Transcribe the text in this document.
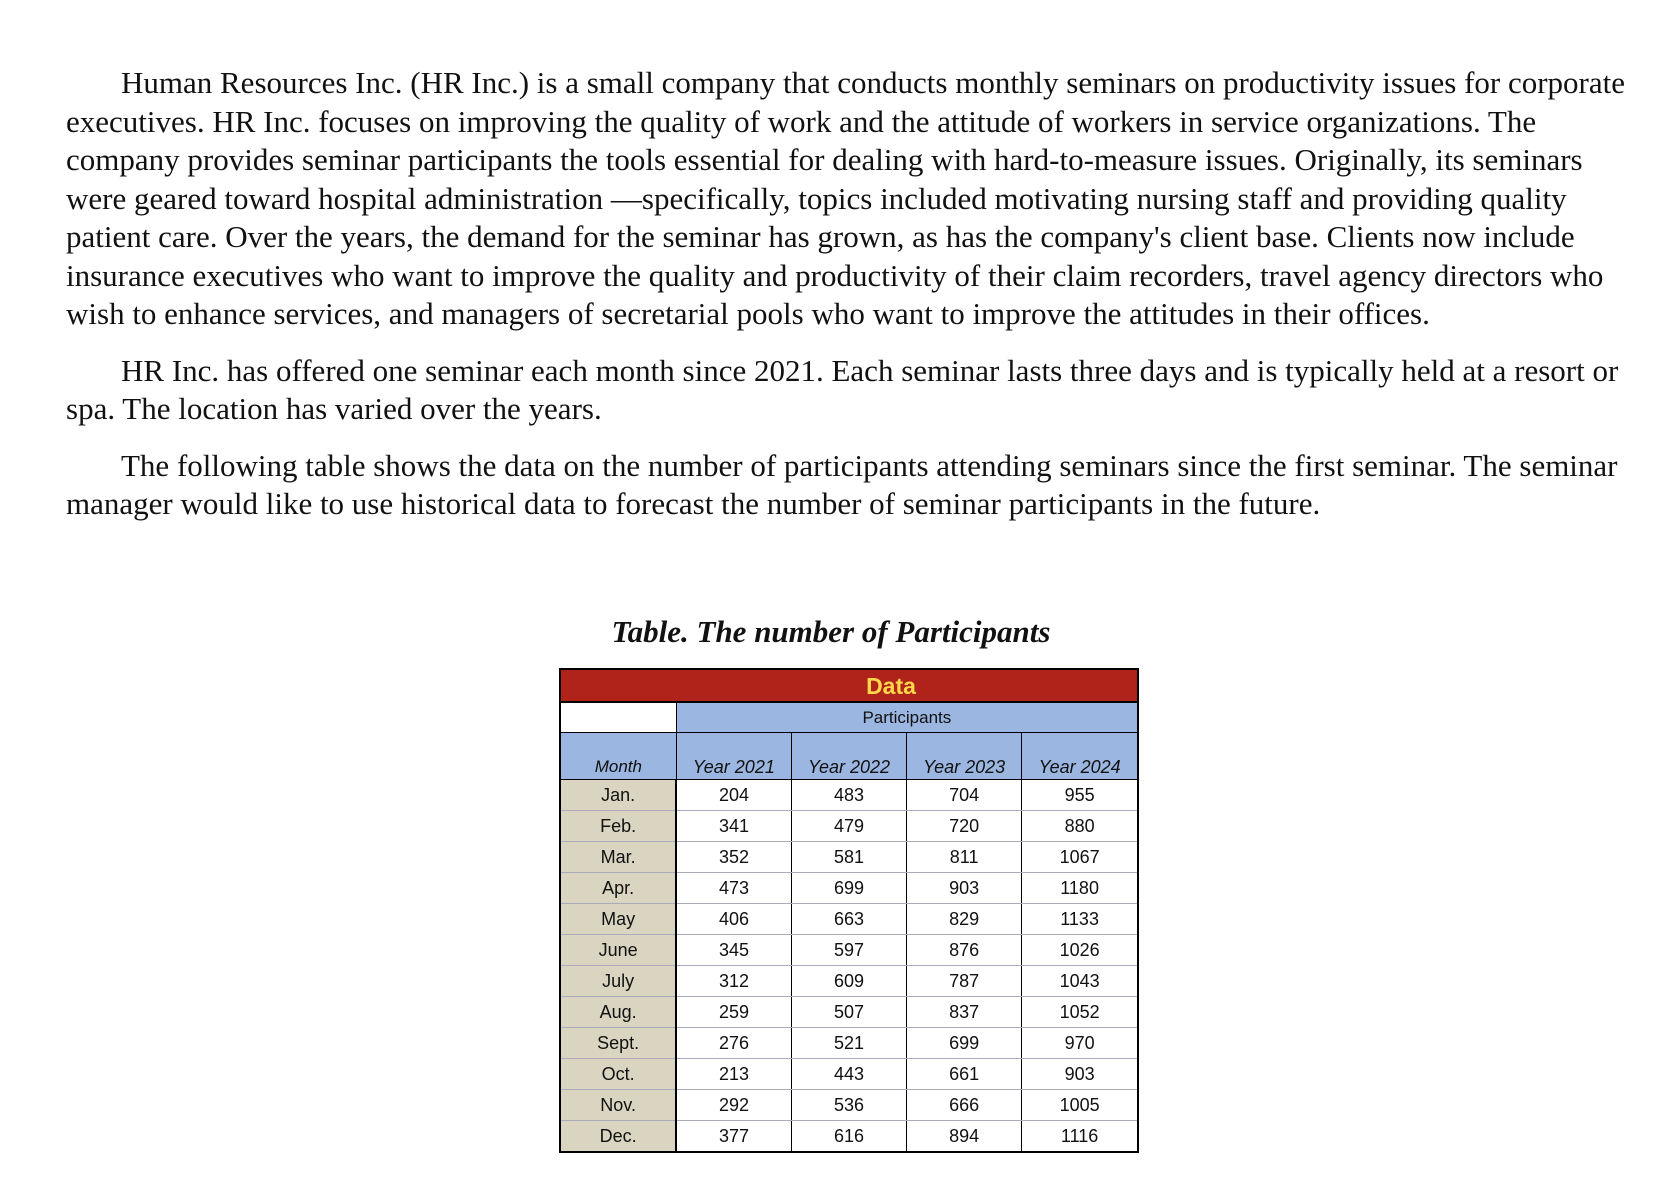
Human Resources Inc. (HR Inc.) is a small company that conducts monthly seminars on productivity issues for corporate executives. HR Inc. focuses on improving the quality of work and the attitude of workers in service organizations. The company provides seminar participants the tools essential for dealing with hard-to-measure issues. Originally, its seminars were geared toward hospital administration —specifically, topics included motivating nursing staff and providing quality patient care. Over the years, the demand for the seminar has grown, as has the company's client base. Clients now include insurance executives who want to improve the quality and productivity of their claim recorders, travel agency directors who wish to enhance services, and managers of secretarial pools who want to improve the attitudes in their offices.

HR Inc. has offered one seminar each month since 2021. Each seminar lasts three days and is typically held at a resort or spa. The location has varied over the years.

The following table shows the data on the number of participants attending seminars since the first seminar. The seminar manager would like to use historical data to forecast the number of seminar participants in the future.

Table. The number of Participants

Data
	Participants			
Month	Year 2021	Year 2022	Year 2023	Year 2024
Jan.	204	483	704	955
Feb.	341	479	720	880
Mar.	352	581	811	1067
Apr.	473	699	903	1180
May	406	663	829	1133
June	345	597	876	1026
July	312	609	787	1043
Aug.	259	507	837	1052
Sept.	276	521	699	970
Oct.	213	443	661	903
Nov.	292	536	666	1005
Dec.	377	616	894	1116
